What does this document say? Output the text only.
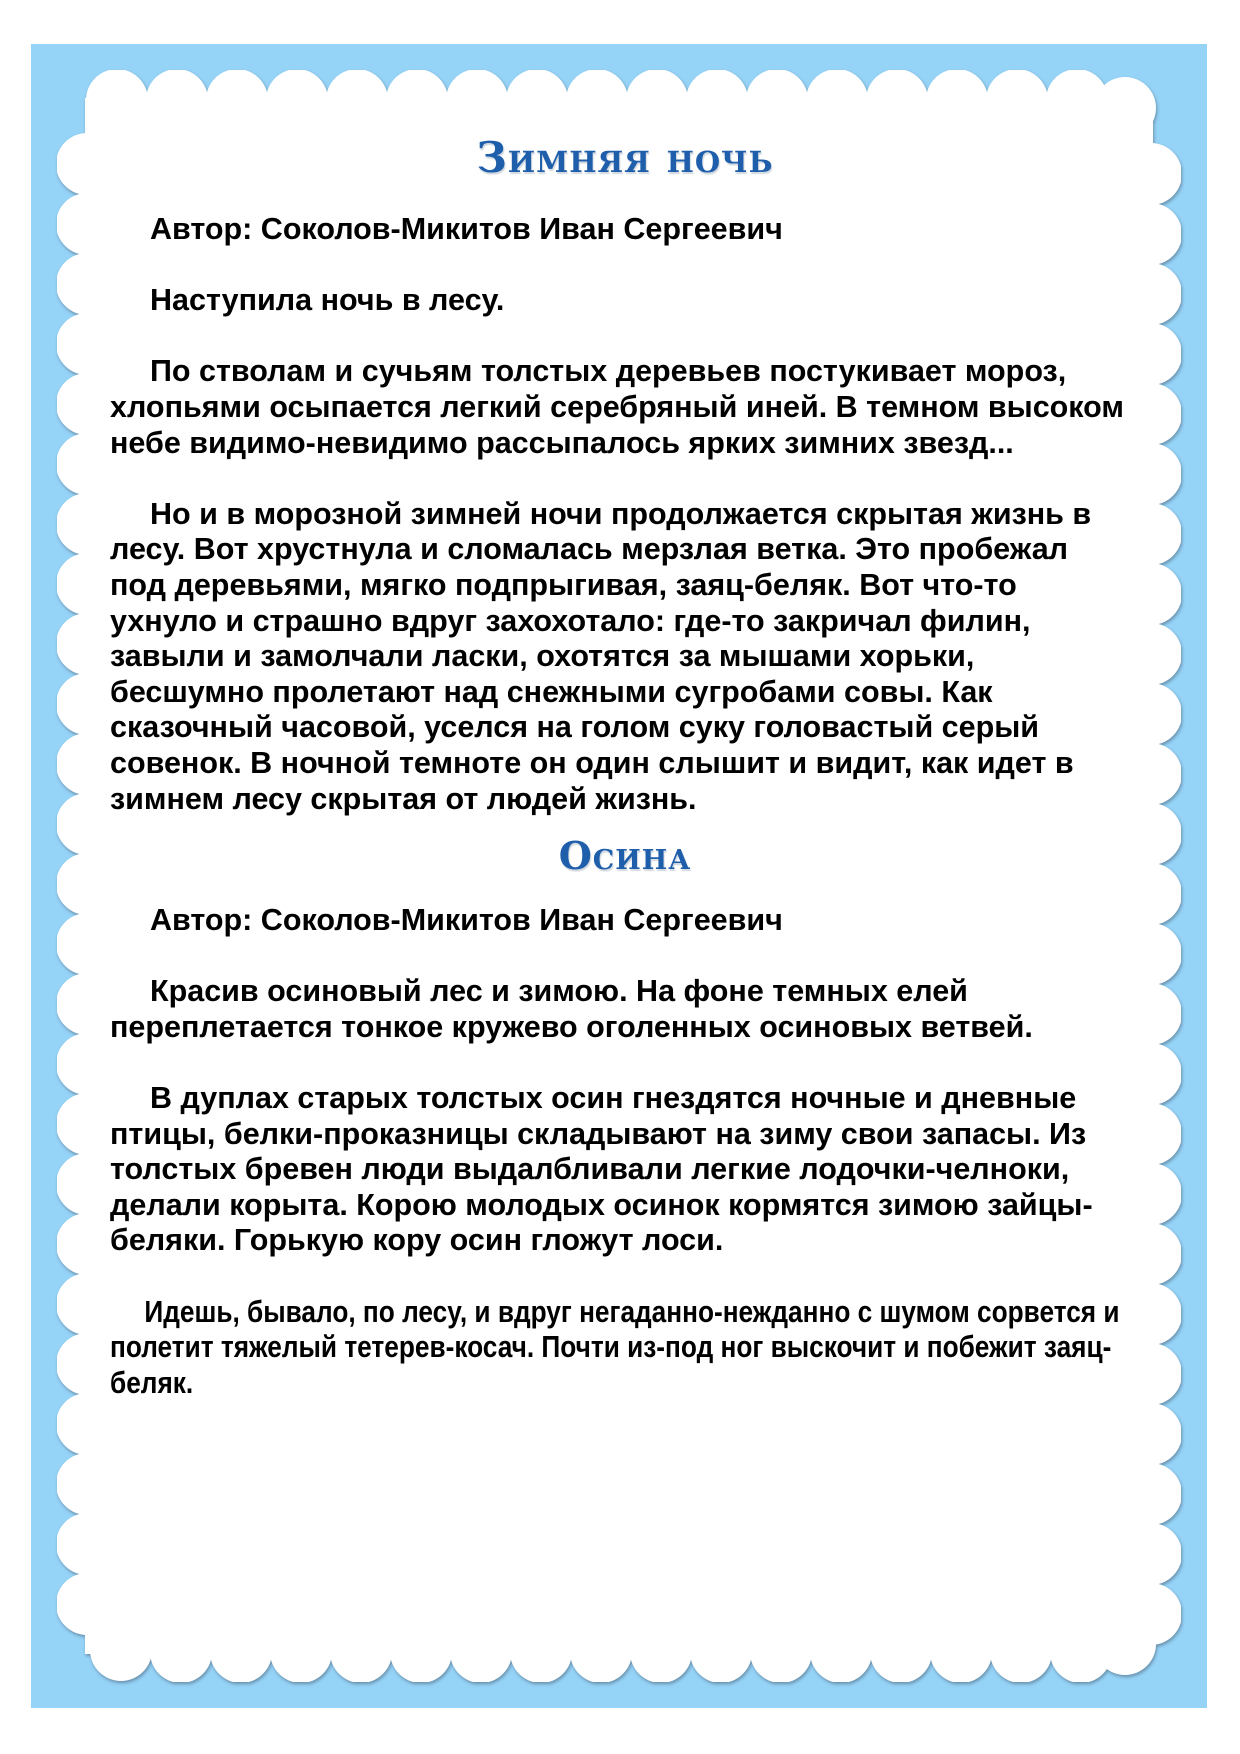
Зимняя ночь

Автор: Соколов-Микитов Иван Сергеевич

Наступила ночь в лесу.

По стволам и сучьям толстых деревьев постукивает мороз, хлопьями осыпается легкий серебряный иней. В темном высоком небе видимо-невидимо рассыпалось ярких зимних звезд...

Но и в морозной зимней ночи продолжается скрытая жизнь в лесу. Вот хрустнула и сломалась мерзлая ветка. Это пробежал под деревьями, мягко подпрыгивая, заяц-беляк. Вот что-то ухнуло и страшно вдруг захохотало: где-то закричал филин, завыли и замолчали ласки, охотятся за мышами хорьки, бесшумно пролетают над снежными сугробами совы. Как сказочный часовой, уселся на голом суку головастый серый совенок. В ночной темноте он один слышит и видит, как идет в зимнем лесу скрытая от людей жизнь.

Осина

Автор: Соколов-Микитов Иван Сергеевич

Красив осиновый лес и зимою. На фоне темных елей переплетается тонкое кружево оголенных осиновых ветвей.

В дуплах старых толстых осин гнездятся ночные и дневные птицы, белки-проказницы складывают на зиму свои запасы. Из толстых бревен люди выдалбливали легкие лодочки-челноки, делали корыта. Корою молодых осинок кормятся зимою зайцы-беляки. Горькую кору осин гложут лоси.

Идешь, бывало, по лесу, и вдруг негаданно-нежданно с шумом сорвется и полетит тяжелый тетерев-косач. Почти из-под ног выскочит и побежит заяц-беляк.
